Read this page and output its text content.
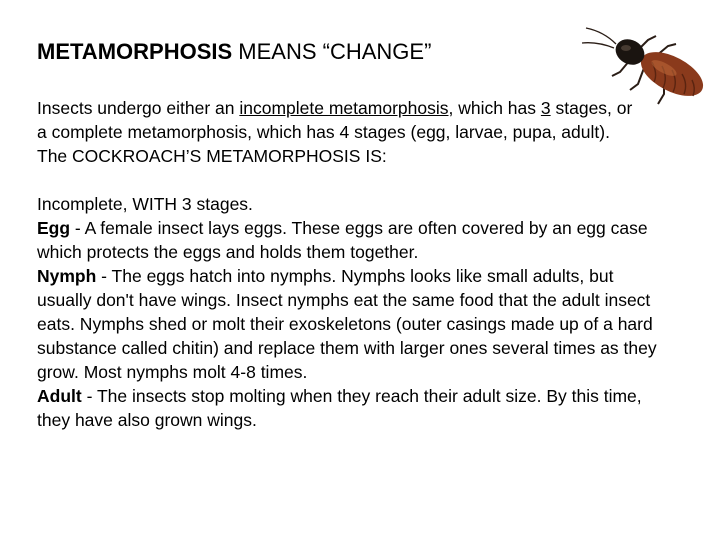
METAMORPHOSIS MEANS “CHANGE”
Insects undergo either an incomplete metamorphosis, which has 3 stages, or a complete metamorphosis, which has 4 stages (egg, larvae, pupa, adult). The COCKROACH’S METAMORPHOSIS IS:

Incomplete, WITH 3 stages.

Egg - A female insect lays eggs. These eggs are often covered by an egg case which protects the eggs and holds them together.

Nymph - The eggs hatch into nymphs. Nymphs looks like small adults, but usually don't have wings. Insect nymphs eat the same food that the adult insect eats. Nymphs shed or molt their exoskeletons (outer casings made up of a hard substance called chitin) and replace them with larger ones several times as they grow. Most nymphs molt 4-8 times.

Adult - The insects stop molting when they reach their adult size. By this time, they have also grown wings.
